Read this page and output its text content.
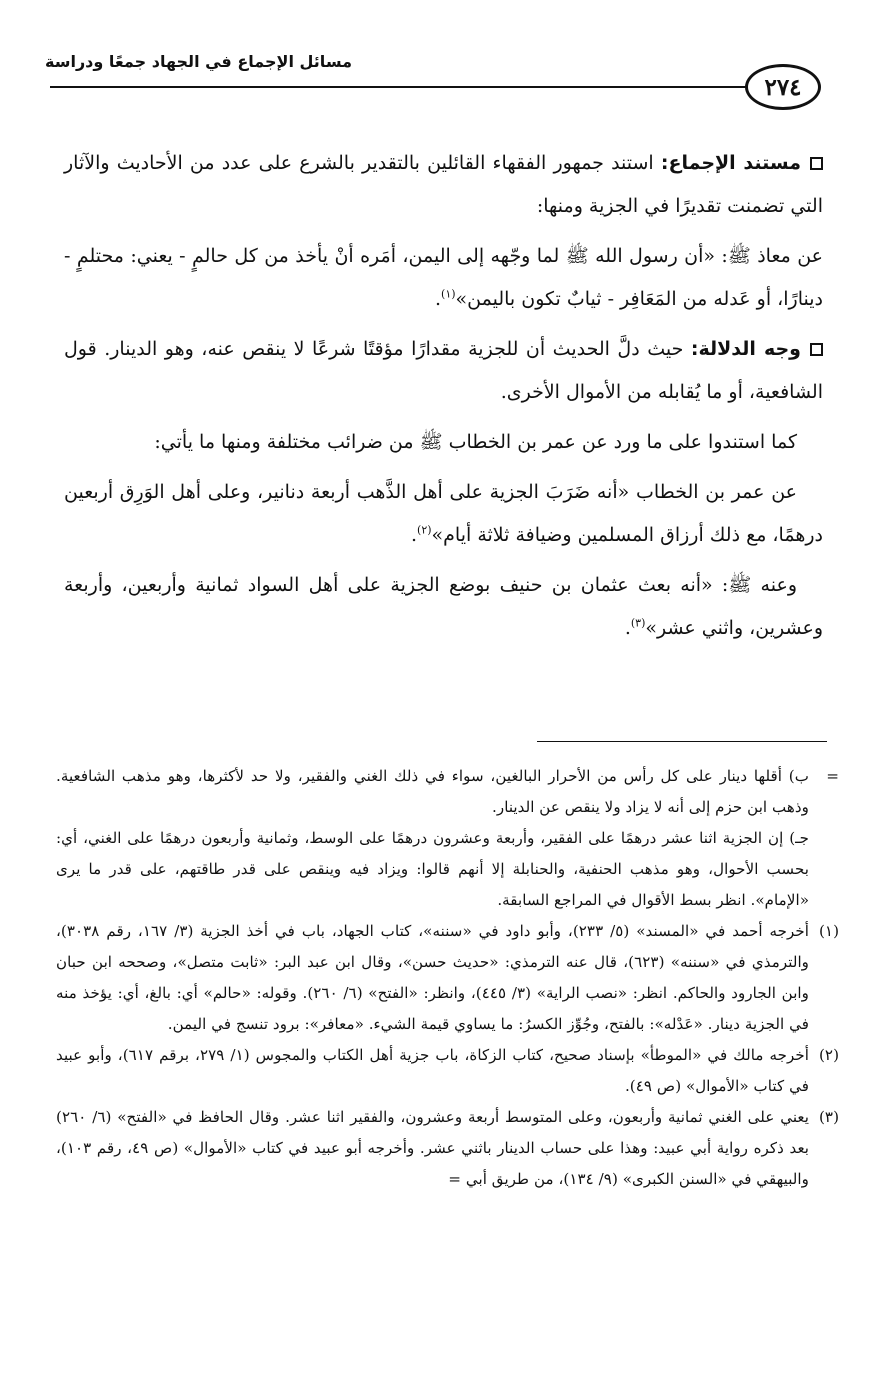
مسائل الإجماع في الجهاد جمعًا ودراسة
٢٧٤

مستند الإجماع: استند جمهور الفقهاء القائلين بالتقدير بالشرع على عدد من الأحاديث والآثار التي تضمنت تقديرًا في الجزية ومنها:

عن معاذ ﷺ: «أن رسول الله ﷺ لما وجّهه إلى اليمن، أمَره أنْ يأخذ من كل حالمٍ - يعني: محتلمٍ - دينارًا، أو عَدله من المَعَافِر - ثيابٌ تكون باليمن»$^{(١)}$.

وجه الدلالة: حيث دلَّ الحديث أن للجزية مقدارًا مؤقتًا شرعًا لا ينقص عنه، وهو الدينار. قول الشافعية، أو ما يُقابله من الأموال الأخرى.

كما استندوا على ما ورد عن عمر بن الخطاب ﷺ من ضرائب مختلفة ومنها ما يأتي:

عن عمر بن الخطاب «أنه ضَرَبَ الجزية على أهل الذَّهب أربعة دنانير، وعلى أهل الوَرِق أربعين درهمًا، مع ذلك أرزاق المسلمين وضيافة ثلاثة أيام»$^{(٢)}$.

وعنه ﷺ: «أنه بعث عثمان بن حنيف بوضع الجزية على أهل السواد ثمانية وأربعين، وأربعة وعشرين، واثني عشر»$^{(٣)}$.

=
ب) أقلها دينار على كل رأس من الأحرار البالغين، سواء في ذلك الغني والفقير، ولا حد لأكثرها، وهو مذهب الشافعية. وذهب ابن حزم إلى أنه لا يزاد ولا ينقص عن الدينار.

جـ) إن الجزية اثنا عشر درهمًا على الفقير، وأربعة وعشرون درهمًا على الوسط، وثمانية وأربعون درهمًا على الغني، أي: بحسب الأحوال، وهو مذهب الحنفية، والحنابلة إلا أنهم قالوا: ويزاد فيه وينقص على قدر طاقتهم، على قدر ما يرى «الإمام». انظر بسط الأقوال في المراجع السابقة.

(١)
أخرجه أحمد في «المسند» (٥/ ٢٣٣)، وأبو داود في «سننه»، كتاب الجهاد، باب في أخذ الجزية (٣/ ١٦٧، رقم ٣٠٣٨)، والترمذي في «سننه» (٦٢٣)، قال عنه الترمذي: «حديث حسن»، وقال ابن عبد البر: «ثابت متصل»، وصححه ابن حبان وابن الجارود والحاكم. انظر: «نصب الراية» (٣/ ٤٤٥)، وانظر: «الفتح» (٦/ ٢٦٠). وقوله: «حالم» أي: بالغ، أي: يؤخذ منه في الجزية دينار. «عَدْله»: بالفتح، وجُوِّز الكسرُ: ما يساوي قيمة الشيء. «معافر»: برود تنسج في اليمن.

(٢)
أخرجه مالك في «الموطأ» بإسناد صحيح، كتاب الزكاة، باب جزية أهل الكتاب والمجوس (١/ ٢٧٩، برقم ٦١٧)، وأبو عبيد في كتاب «الأموال» (ص ٤٩).

(٣)
يعني على الغني ثمانية وأربعون، وعلى المتوسط أربعة وعشرون، والفقير اثنا عشر. وقال الحافظ في «الفتح» (٦/ ٢٦٠) بعد ذكره رواية أبي عبيد: وهذا على حساب الدينار باثني عشر. وأخرجه أبو عبيد في كتاب «الأموال» (ص ٤٩، رقم ١٠٣)، والبيهقي في «السنن الكبرى» (٩/ ١٣٤)، من طريق أبي =
